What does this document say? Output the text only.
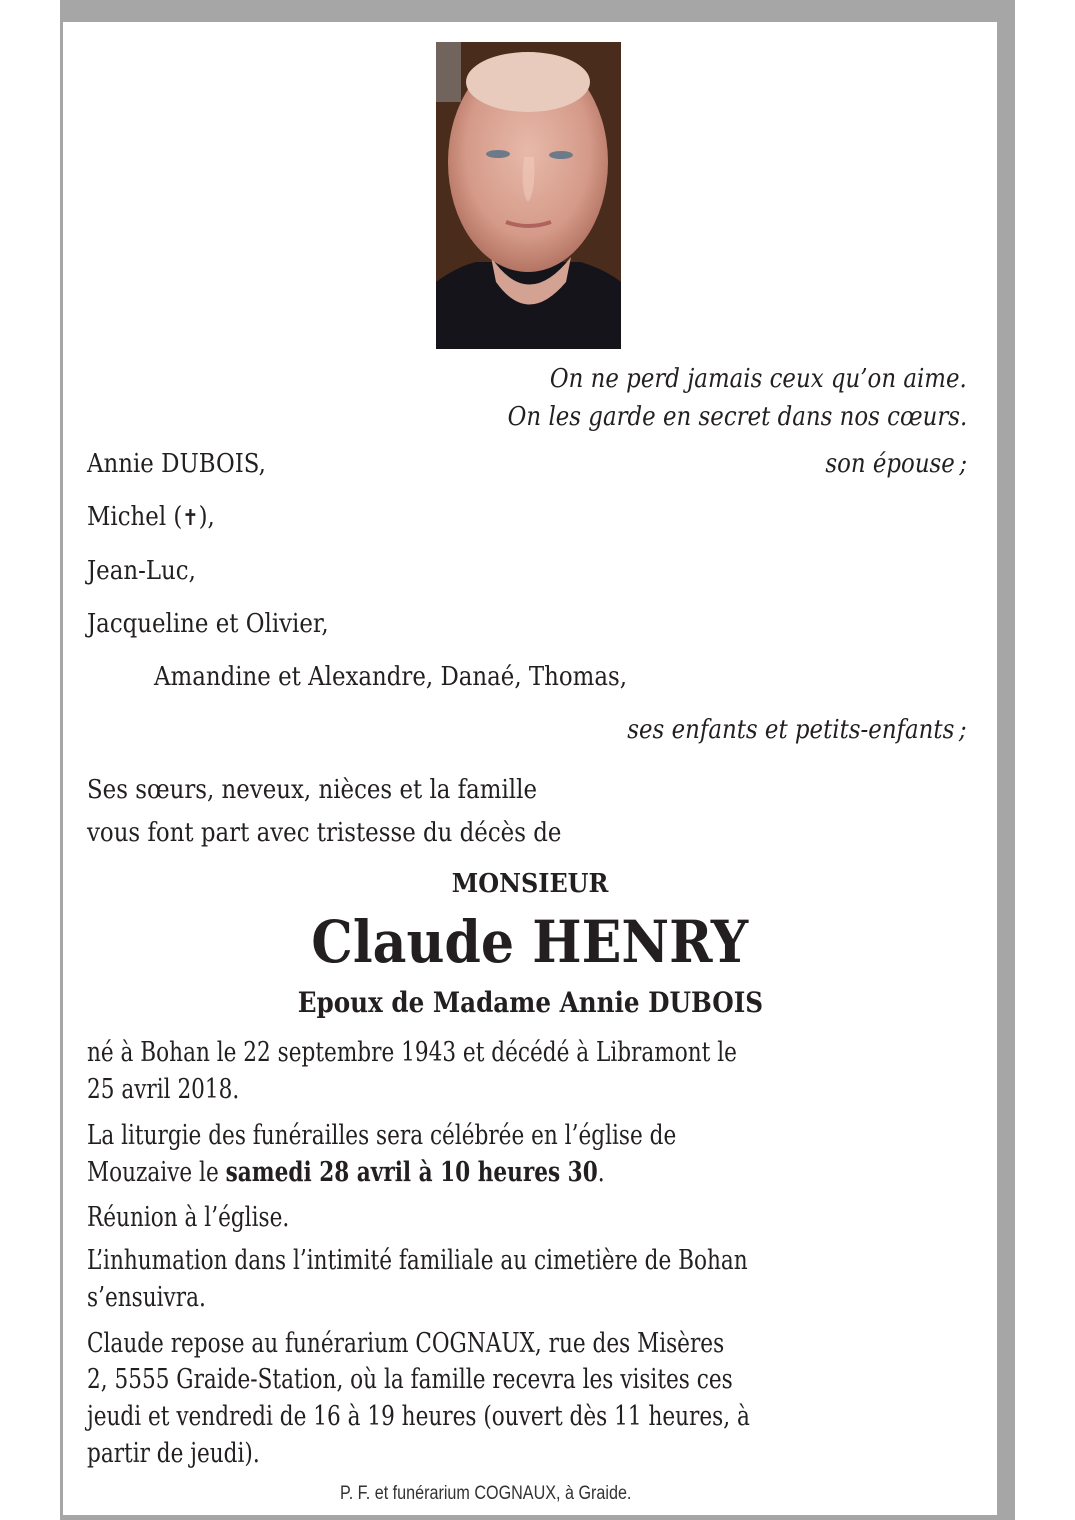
On ne perd jamais ceux qu’on aime.
On les garde en secret dans nos cœurs.
Annie DUBOIS,	son épouse ;
Michel (✝),
Jean-Luc,
Jacqueline et Olivier,
Amandine et Alexandre, Danaé, Thomas,
ses enfants et petits-enfants ;
Ses sœurs, neveux, nièces et la famille
vous font part avec tristesse du décès de
MONSIEUR
Claude HENRY
Epoux de Madame Annie DUBOIS
né à Bohan le 22 septembre 1943 et décédé à Libramont le
25 avril 2018.
La liturgie des funérailles sera célébrée en l’église de
Mouzaive le samedi 28 avril à 10 heures 30.
Réunion à l’église.
L’inhumation dans l’intimité familiale au cimetière de Bohan
s’ensuivra.
Claude repose au funérarium COGNAUX, rue des Misères
2, 5555 Graide-Station, où la famille recevra les visites ces
jeudi et vendredi de 16 à 19 heures (ouvert dès 11 heures, à
partir de jeudi).
P. F. et funérarium COGNAUX, à Graide.
